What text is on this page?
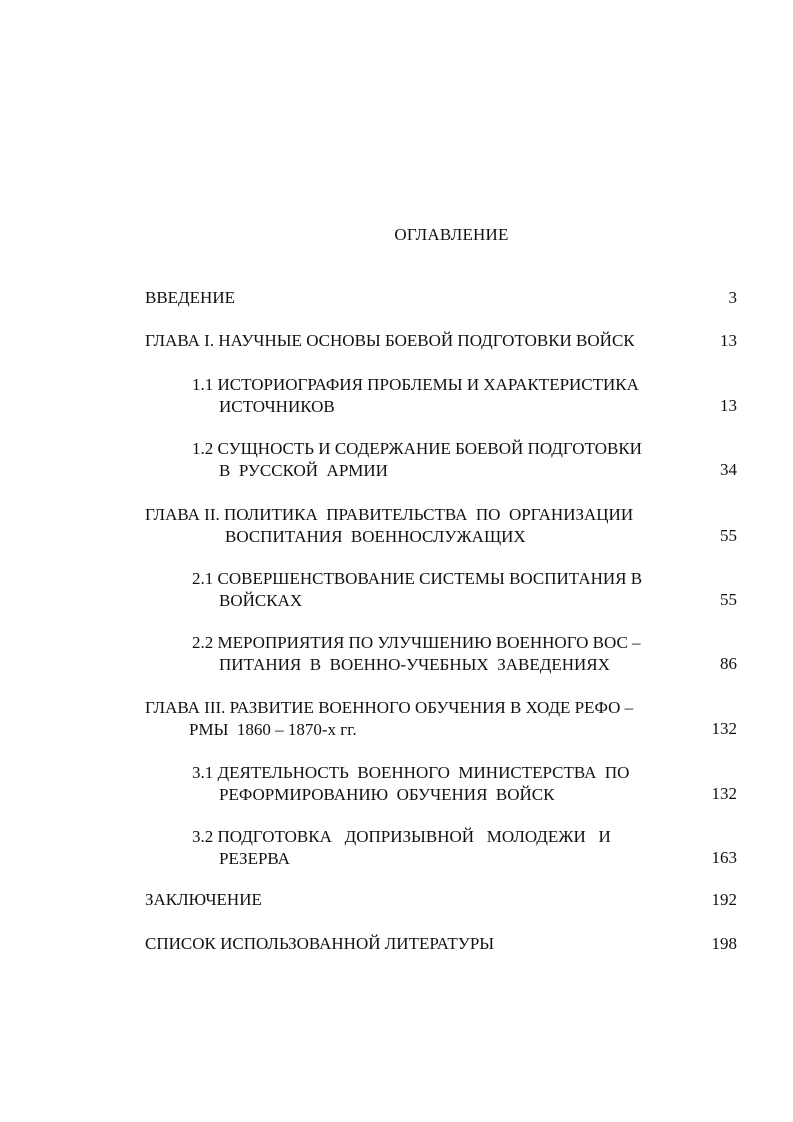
ОГЛАВЛЕНИЕ
ВВЕДЕНИЕ	3
ГЛАВА I. НАУЧНЫЕ ОСНОВЫ БОЕВОЙ ПОДГОТОВКИ ВОЙСК	13
1.1 ИСТОРИОГРАФИЯ ПРОБЛЕМЫ И ХАРАКТЕРИСТИКА
ИСТОЧНИКОВ	13
1.2 СУЩНОСТЬ И СОДЕРЖАНИЕ БОЕВОЙ ПОДГОТОВКИ
В  РУССКОЙ  АРМИИ	34
ГЛАВА II. ПОЛИТИКА  ПРАВИТЕЛЬСТВА  ПО  ОРГАНИЗАЦИИ
ВОСПИТАНИЯ  ВОЕННОСЛУЖАЩИХ	55
2.1 СОВЕРШЕНСТВОВАНИЕ СИСТЕМЫ ВОСПИТАНИЯ В
ВОЙСКАХ	55
2.2 МЕРОПРИЯТИЯ ПО УЛУЧШЕНИЮ ВОЕННОГО ВОС –
ПИТАНИЯ  В  ВОЕННО-УЧЕБНЫХ  ЗАВЕДЕНИЯХ	86
ГЛАВА III. РАЗВИТИЕ ВОЕННОГО ОБУЧЕНИЯ В ХОДЕ РЕФО –
РМЫ  1860 – 1870-х гг.	132
3.1 ДЕЯТЕЛЬНОСТЬ  ВОЕННОГО  МИНИСТЕРСТВА  ПО
РЕФОРМИРОВАНИЮ  ОБУЧЕНИЯ  ВОЙСК	132
3.2 ПОДГОТОВКА   ДОПРИЗЫВНОЙ   МОЛОДЕЖИ   И
РЕЗЕРВА	163
ЗАКЛЮЧЕНИЕ	192
СПИСОК ИСПОЛЬЗОВАННОЙ ЛИТЕРАТУРЫ	198
